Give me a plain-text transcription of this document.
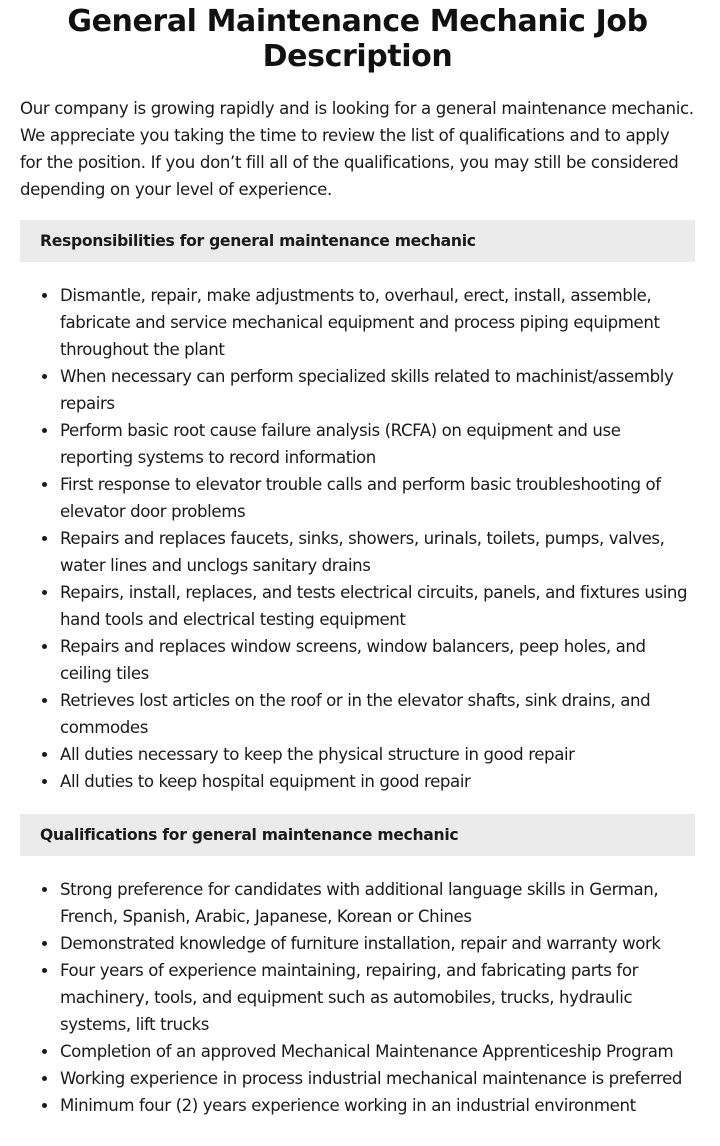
General Maintenance Mechanic Job Description

Our company is growing rapidly and is looking for a general maintenance mechanic. We appreciate you taking the time to review the list of qualifications and to apply for the position. If you don’t fill all of the qualifications, you may still be considered depending on your level of experience.

Responsibilities for general maintenance mechanic
Dismantle, repair, make adjustments to, overhaul, erect, install, assemble, fabricate and service mechanical equipment and process piping equipment throughout the plant
When necessary can perform specialized skills related to machinist/assembly repairs
Perform basic root cause failure analysis (RCFA) on equipment and use reporting systems to record information
First response to elevator trouble calls and perform basic troubleshooting of elevator door problems
Repairs and replaces faucets, sinks, showers, urinals, toilets, pumps, valves, water lines and unclogs sanitary drains
Repairs, install, replaces, and tests electrical circuits, panels, and fixtures using hand tools and electrical testing equipment
Repairs and replaces window screens, window balancers, peep holes, and ceiling tiles
Retrieves lost articles on the roof or in the elevator shafts, sink drains, and commodes
All duties necessary to keep the physical structure in good repair
All duties to keep hospital equipment in good repair
Qualifications for general maintenance mechanic
Strong preference for candidates with additional language skills in German, French, Spanish, Arabic, Japanese, Korean or Chines
Demonstrated knowledge of furniture installation, repair and warranty work
Four years of experience maintaining, repairing, and fabricating parts for machinery, tools, and equipment such as automobiles, trucks, hydraulic systems, lift trucks
Completion of an approved Mechanical Maintenance Apprenticeship Program
Working experience in process industrial mechanical maintenance is preferred
Minimum four (2) years experience working in an industrial environment
